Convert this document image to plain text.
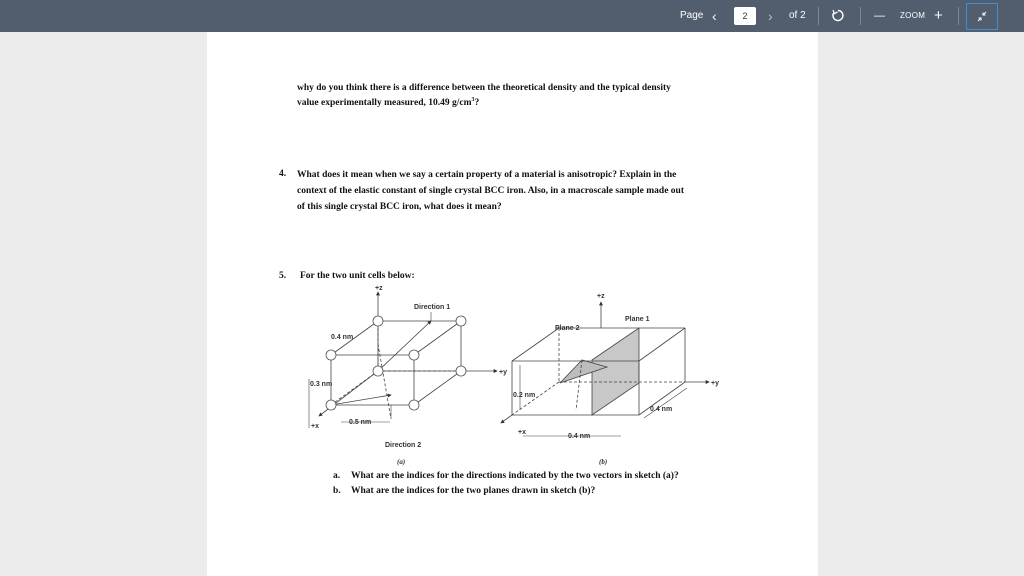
Page ‹	2	› of 2	— ZOOM +
why do you think there is a difference between the theoretical density and the typical density
value experimentally measured, 10.49 $g/cm^3$?
4. What does it mean when we say a certain property of a material is anisotropic? Explain in the
context of the elastic constant of single crystal BCC iron. Also, in a macroscale sample made out
of this single crystal BCC iron, what does it mean?
5. For the two unit cells below:
+z
Direction 1
0.4 nm
0.3 nm
+y
+x
0.5 nm
Direction 2
(a)
+z
Plane 1
Plane 2
+y
0.2 nm
0.4 nm
+x
0.4 nm
(b)
a. What are the indices for the directions indicated by the two vectors in sketch (a)?
b. What are the indices for the two planes drawn in sketch (b)?
